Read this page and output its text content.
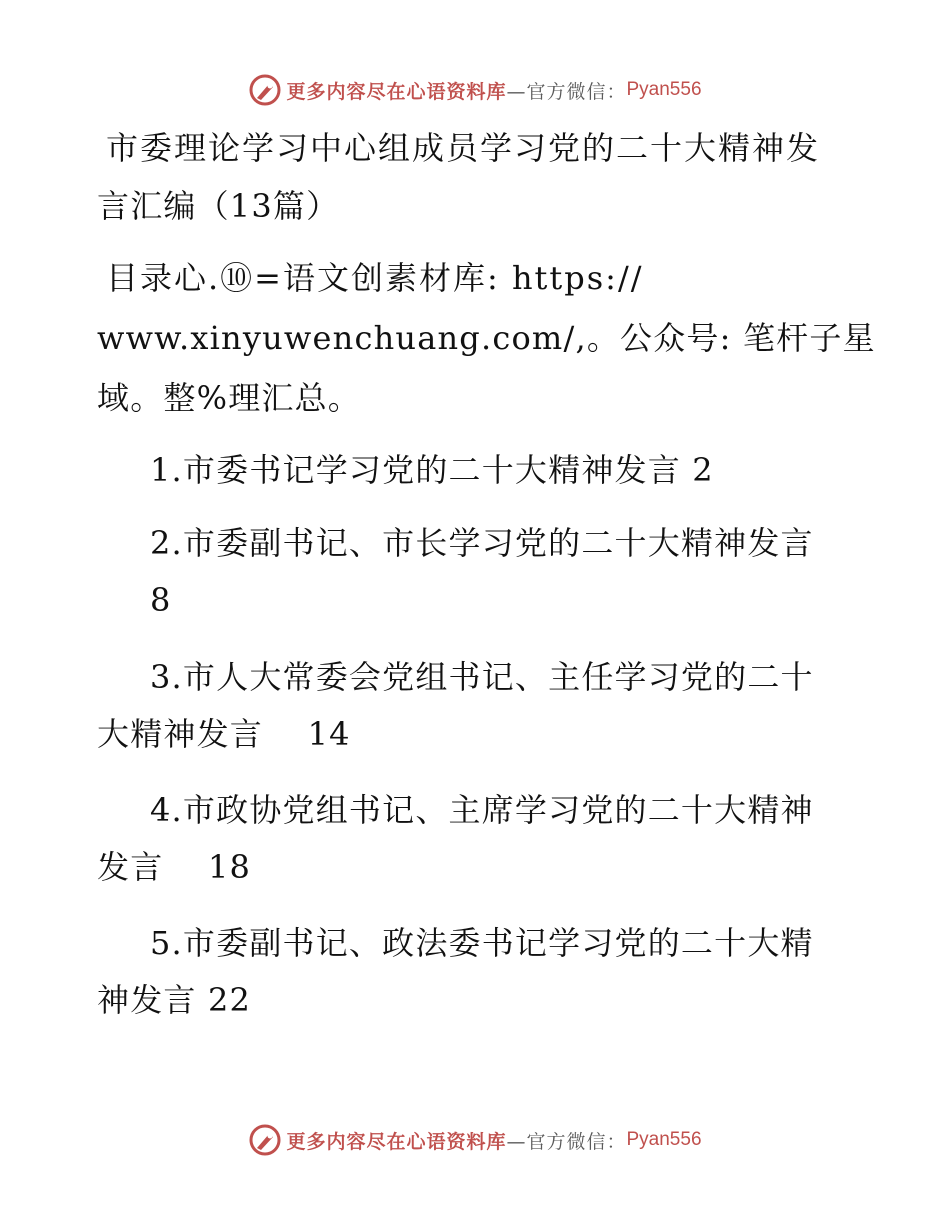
更多内容尽在心语资料库 —官方微信： Pyan556
市委理论学习中心组成员学习党的二十大精神发
言汇编（13篇）
目录心.⑩=语文创素材库: https://
www.xinyuwenchuang.com/,。公众号: 笔杆子星
域。整%理汇总。
1.市委书记学习党的二十大精神发言 2
2.市委副书记、市长学习党的二十大精神发言
8
3.市人大常委会党组书记、主任学习党的二十
大精神发言　 14
4.市政协党组书记、主席学习党的二十大精神
发言　 18
5.市委副书记、政法委书记学习党的二十大精
神发言 22
更多内容尽在心语资料库 —官方微信： Pyan556
